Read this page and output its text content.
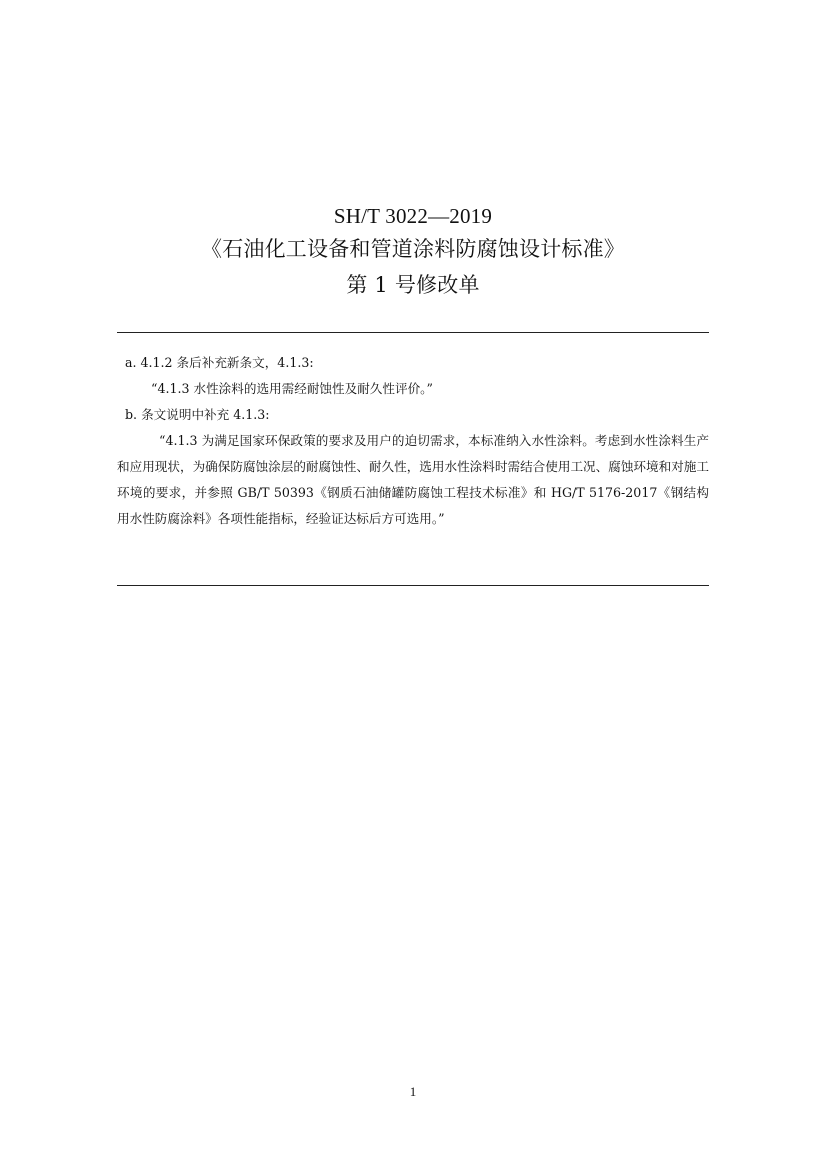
SH/T 3022—2019
《石油化工设备和管道涂料防腐蚀设计标准》
第 1 号修改单

a. 4.1.2 条后补充新条文，4.1.3:

“4.1.3 水性涂料的选用需经耐蚀性及耐久性评价。”

b. 条文说明中补充 4.1.3:

“4.1.3 为满足国家环保政策的要求及用户的迫切需求，本标准纳入水性涂料。考虑到水性涂料生产和应用现状，为确保防腐蚀涂层的耐腐蚀性、耐久性，选用水性涂料时需结合使用工况、腐蚀环境和对施工环境的要求，并参照 GB/T 50393《钢质石油储罐防腐蚀工程技术标准》和 HG/T 5176-2017《钢结构用水性防腐涂料》各项性能指标，经验证达标后方可选用。”

1
